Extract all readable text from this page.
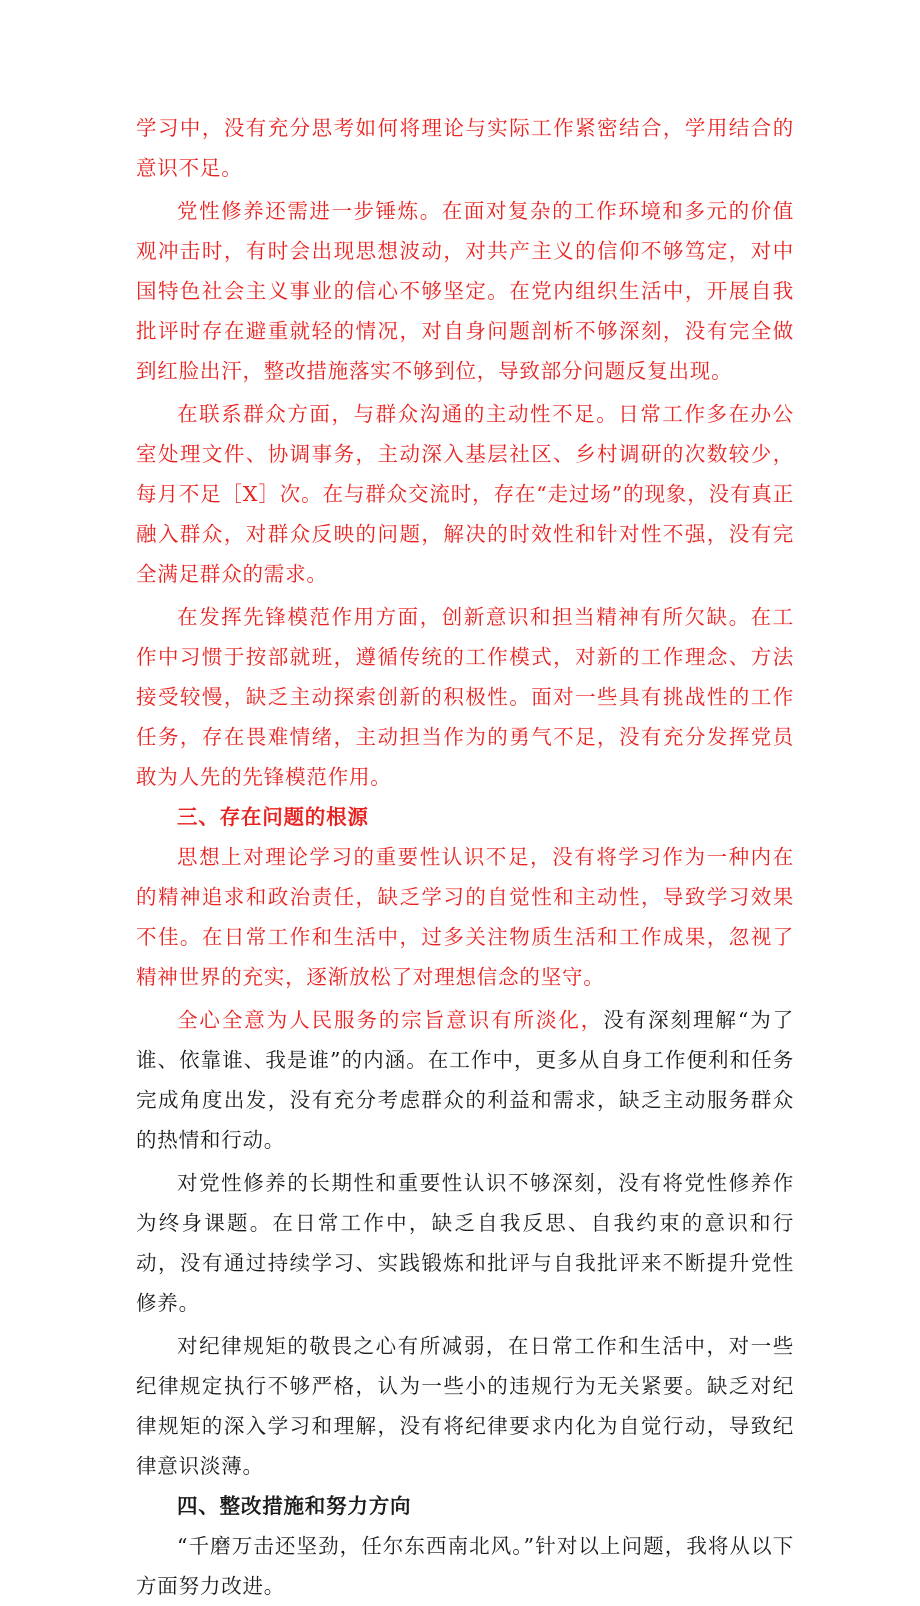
学习中，没有充分思考如何将理论与实际工作紧密结合，学用结合的意识不足。

党性修养还需进一步锤炼。在面对复杂的工作环境和多元的价值观冲击时，有时会出现思想波动，对共产主义的信仰不够笃定，对中国特色社会主义事业的信心不够坚定。在党内组织生活中，开展自我批评时存在避重就轻的情况，对自身问题剖析不够深刻，没有完全做到红脸出汗，整改措施落实不够到位，导致部分问题反复出现。

在联系群众方面，与群众沟通的主动性不足。日常工作多在办公室处理文件、协调事务，主动深入基层社区、乡村调研的次数较少，每月不足［X］次。在与群众交流时，存在“走过场”的现象，没有真正融入群众，对群众反映的问题，解决的时效性和针对性不强，没有完全满足群众的需求。

在发挥先锋模范作用方面，创新意识和担当精神有所欠缺。在工作中习惯于按部就班，遵循传统的工作模式，对新的工作理念、方法接受较慢，缺乏主动探索创新的积极性。面对一些具有挑战性的工作任务，存在畏难情绪，主动担当作为的勇气不足，没有充分发挥党员敢为人先的先锋模范作用。

三、存在问题的根源

思想上对理论学习的重要性认识不足，没有将学习作为一种内在的精神追求和政治责任，缺乏学习的自觉性和主动性，导致学习效果不佳。在日常工作和生活中，过多关注物质生活和工作成果，忽视了精神世界的充实，逐渐放松了对理想信念的坚守。

全心全意为人民服务的宗旨意识有所淡化，没有深刻理解“为了谁、依靠谁、我是谁”的内涵。在工作中，更多从自身工作便利和任务完成角度出发，没有充分考虑群众的利益和需求，缺乏主动服务群众的热情和行动。

对党性修养的长期性和重要性认识不够深刻，没有将党性修养作为终身课题。在日常工作中，缺乏自我反思、自我约束的意识和行动，没有通过持续学习、实践锻炼和批评与自我批评来不断提升党性修养。

对纪律规矩的敬畏之心有所减弱，在日常工作和生活中，对一些纪律规定执行不够严格，认为一些小的违规行为无关紧要。缺乏对纪律规矩的深入学习和理解，没有将纪律要求内化为自觉行动，导致纪律意识淡薄。

四、整改措施和努力方向

“千磨万击还坚劲，任尔东西南北风。”针对以上问题，我将从以下方面努力改进。
